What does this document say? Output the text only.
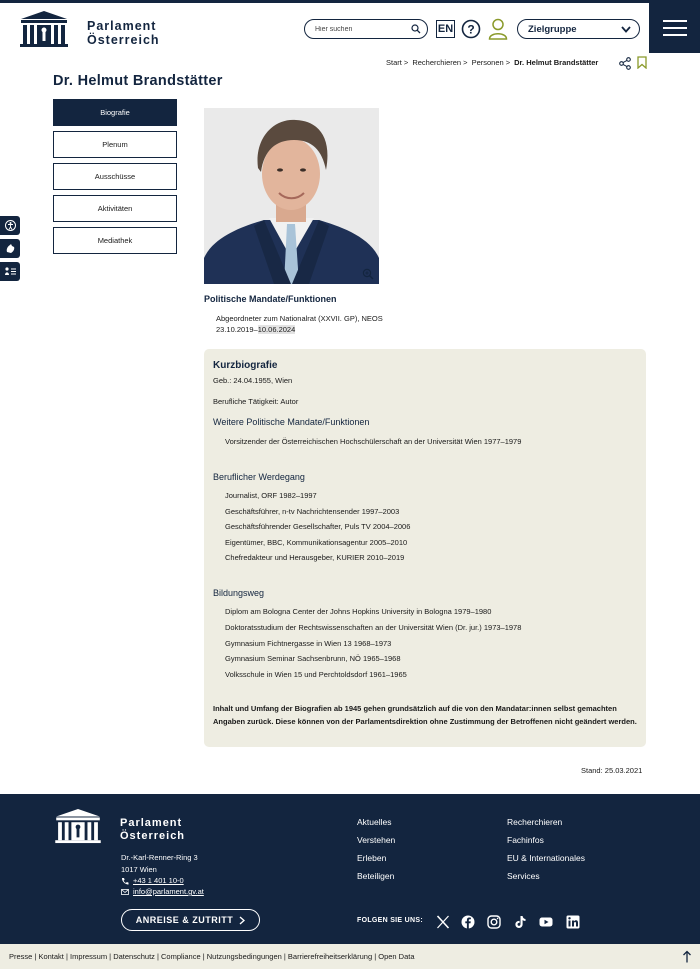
Parlament
Österreich
Hier suchen
EN ?	Zielgruppe
Start > Recherchieren > Personen > Dr. Helmut Brandstätter
Dr. Helmut Brandstätter
Biografie
Plenum
Ausschüsse
Aktivitäten
Mediathek
Politische Mandate/Funktionen
Abgeordneter zum Nationalrat (XXVII. GP), NEOS
23.10.2019–10.06.2024
Kurzbiografie
Geb.: 24.04.1955, Wien
Berufliche Tätigkeit: Autor
Weitere Politische Mandate/Funktionen
Vorsitzender der Österreichischen Hochschülerschaft an der Universität Wien 1977–1979
Beruflicher Werdegang
Journalist, ORF 1982–1997
Geschäftsführer, n-tv Nachrichtensender 1997–2003
Geschäftsführender Gesellschafter, Puls TV 2004–2006
Eigentümer, BBC, Kommunikationsagentur 2005–2010
Chefredakteur und Herausgeber, KURIER 2010–2019
Bildungsweg
Diplom am Bologna Center der Johns Hopkins University in Bologna 1979–1980
Doktoratsstudium der Rechtswissenschaften an der Universität Wien (Dr. jur.) 1973–1978
Gymnasium Fichtnergasse in Wien 13 1968–1973
Gymnasium Seminar Sachsenbrunn, NÖ 1965–1968
Volksschule in Wien 15 und Perchtoldsdorf 1961–1965
Inhalt und Umfang der Biografien ab 1945 gehen grundsätzlich auf die von den Mandatar:innen selbst gemachten Angaben zurück. Diese können von der Parlamentsdirektion ohne Zustimmung der Betroffenen nicht geändert werden.
Stand: 25.03.2021
Parlament
Österreich
Dr.-Karl-Renner-Ring 3
1017 Wien
+43 1 401 10-0
info@parlament.gv.at
ANREISE & ZUTRITT
Aktuelles
Verstehen
Erleben
Beteiligen
Recherchieren
Fachinfos
EU & Internationales
Services
FOLGEN SIE UNS:
Presse | Kontakt | Impressum | Datenschutz | Compliance | Nutzungsbedingungen | Barrierefreiheitserklärung | Open Data
